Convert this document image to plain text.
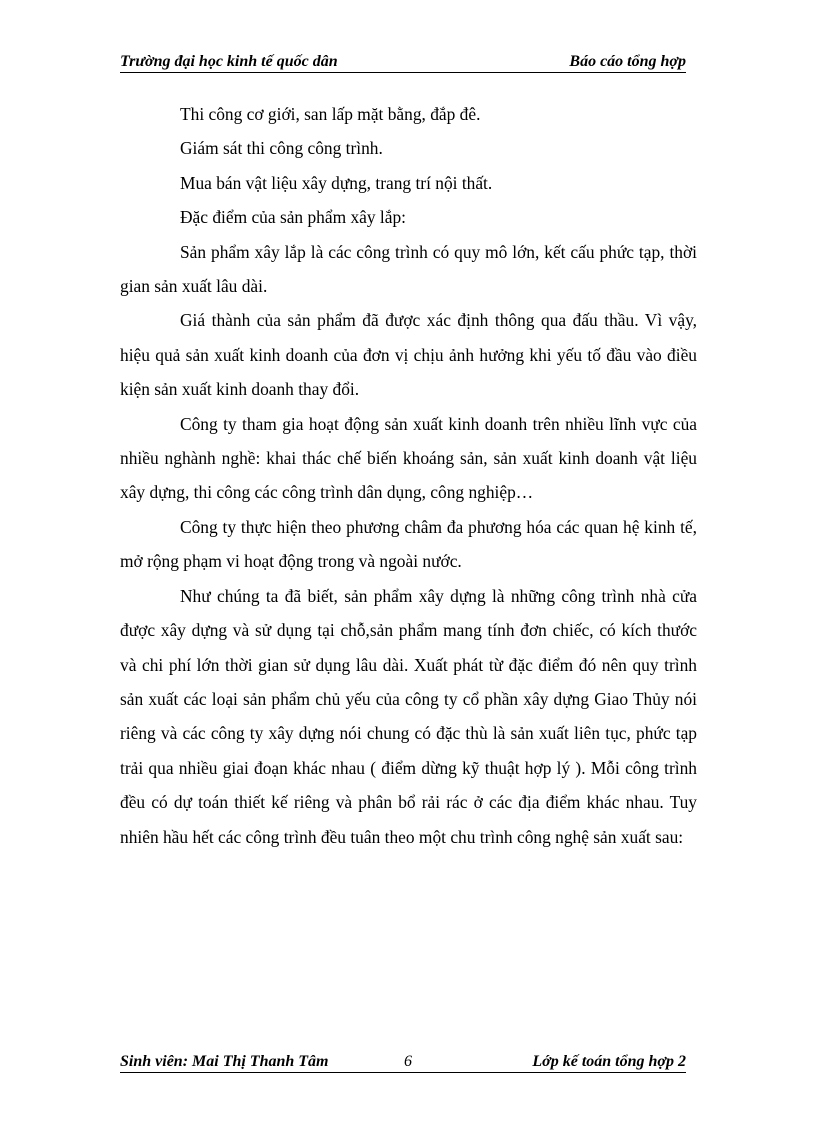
Trường đại học kinh tế quốc dân	Báo cáo tổng hợp

Thi công cơ giới, san lấp mặt bằng, đắp đê.

Giám sát thi công công trình.

Mua bán vật liệu xây dựng, trang trí nội thất.

Đặc điểm của sản phẩm xây lắp:

Sản phẩm xây lắp là các công trình có quy mô lớn, kết cấu phức tạp, thời gian sản xuất lâu dài.

Giá thành của sản phẩm đã được xác định thông qua đấu thầu. Vì vậy, hiệu quả sản xuất kinh doanh của đơn vị chịu ảnh hưởng khi yếu tố đầu vào điều kiện sản xuất kinh doanh thay đổi.

Công ty tham gia hoạt động sản xuất kinh doanh trên nhiều lĩnh vực của nhiều nghành nghề: khai thác chế biến khoáng sản, sản xuất kinh doanh vật liệu xây dựng, thi công các công trình dân dụng, công nghiệp…

Công ty thực hiện theo phương châm đa phương hóa các quan hệ kinh tế, mở rộng phạm vi hoạt động trong và ngoài nước.

Như chúng ta đã biết, sản phẩm xây dựng là những công trình nhà cửa được xây dựng và sử dụng tại chỗ,sản phẩm mang tính đơn chiếc, có kích thước và chi phí lớn thời gian sử dụng lâu dài. Xuất phát từ đặc điểm đó nên quy trình sản xuất các loại sản phẩm chủ yếu của công ty cổ phần xây dựng Giao Thủy nói riêng và các công ty xây dựng nói chung có đặc thù là sản xuất liên tục, phức tạp trải qua nhiều giai đoạn khác nhau ( điểm dừng kỹ thuật hợp lý ). Mỗi công trình đều có dự toán thiết kế riêng và phân bổ rải rác ở các địa điểm khác nhau. Tuy nhiên hầu hết các công trình đều tuân theo một chu trình công nghệ sản xuất sau:

Sinh viên: Mai Thị Thanh Tâm	6	Lớp kế toán tổng hợp 2
